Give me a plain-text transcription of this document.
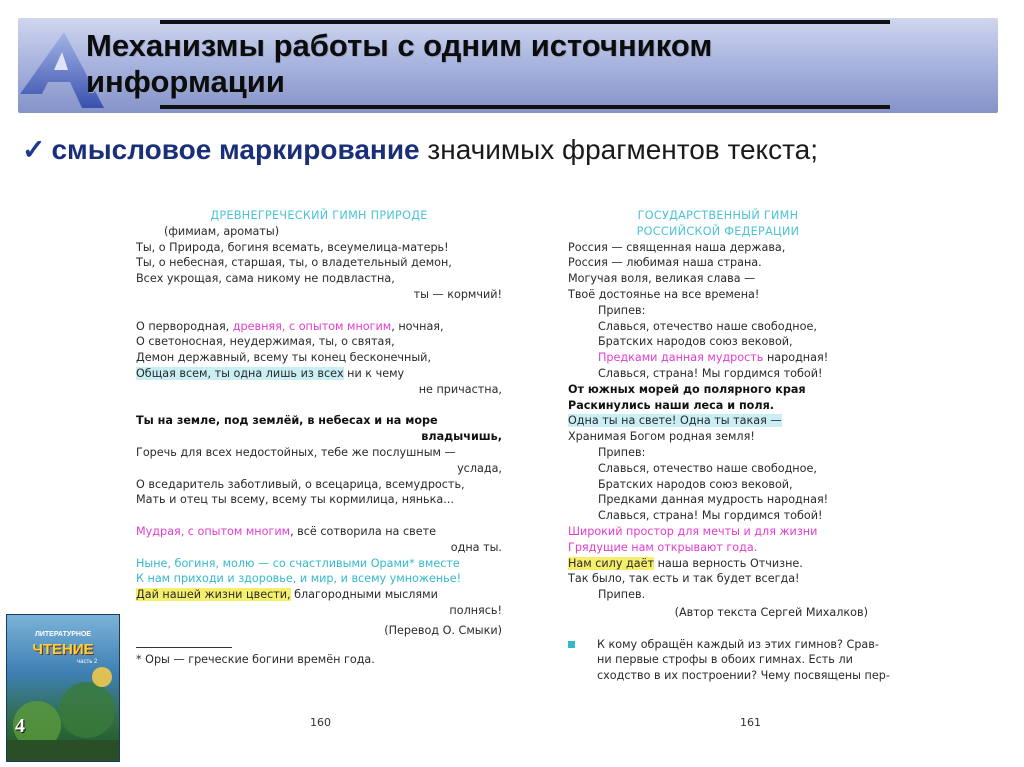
Механизмы работы с одним источником
информации
✓ смысловое маркирование значимых фрагментов текста;
ДРЕВНЕГРЕЧЕСКИЙ ГИМН ПРИРОДЕ
(фимиам, ароматы)
Ты, о Природа, богиня всемать, всеумелица-матерь!
Ты, о небесная, старшая, ты, о владетельный демон,
Всех укрощая, сама никому не подвластна,
ты — кормчий!
О первородная, древняя, с опытом многим, ночная,
О светоносная, неудержимая, ты, о святая,
Демон державный, всему ты конец бесконечный,
Общая всем, ты одна лишь из всех ни к чему
не причастна,
Ты на земле, под землёй, в небесах и на море
владычишь,
Горечь для всех недостойных, тебе же послушным —
услада,
О вседаритель заботливый, о всецарица, всемудрость,
Мать и отец ты всему, всему ты кормилица, нянька...
Мудрая, с опытом многим, всё сотворила на свете
одна ты.
Ныне, богиня, молю — со счастливыми Орами* вместе
К нам приходи и здоровье, и мир, и всему умноженье!
Дай нашей жизни цвести, благородными мыслями
полнясь!
(Перевод О. Смыки)
* Оры — греческие богини времён года.
160
ГОСУДАРСТВЕННЫЙ ГИМН
РОССИЙСКОЙ ФЕДЕРАЦИИ
Россия — священная наша держава,
Россия — любимая наша страна.
Могучая воля, великая слава —
Твоё достоянье на все времена!
Припев:
Славься, отечество наше свободное,
Братских народов союз вековой,
Предками данная мудрость народная!
Славься, страна! Мы гордимся тобой!
От южных морей до полярного края
Раскинулись наши леса и поля.
Одна ты на свете! Одна ты такая —
Хранимая Богом родная земля!
Припев:
Славься, отечество наше свободное,
Братских народов союз вековой,
Предками данная мудрость народная!
Славься, страна! Мы гордимся тобой!
Широкий простор для мечты и для жизни
Грядущие нам открывают года.
Нам силу даёт наша верность Отчизне.
Так было, так есть и так будет всегда!
Припев.
(Автор текста Сергей Михалков)
К кому обращён каждый из этих гимнов? Срав-
ни первые строфы в обоих гимнах. Есть ли
сходство в их построении? Чему посвящены пер-
161
ЛИТЕРАТУРНОЕ
ЧТЕНИЕ
часть 2
4
